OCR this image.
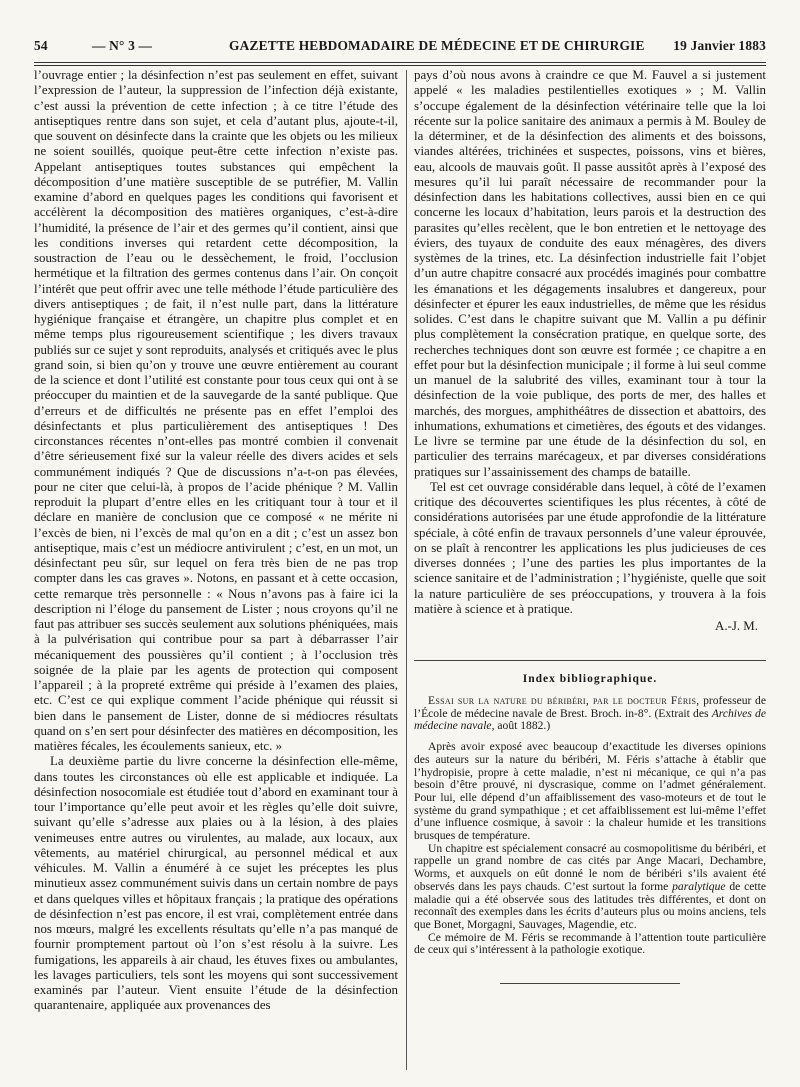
54	— N° 3 —	GAZETTE HEBDOMADAIRE DE MÉDECINE ET DE CHIRURGIE 19 Janvier 1883

l’ouvrage entier ; la désinfection n’est pas seulement en effet, suivant l’expression de l’auteur, la suppression de l’infection déjà existante, c’est aussi la prévention de cette infection ; à ce titre l’étude des antiseptiques rentre dans son sujet, et cela d’autant plus, ajoute-t-il, que souvent on désinfecte dans la crainte que les objets ou les milieux ne soient souillés, quoique peut-être cette infection n’existe pas. Appelant antiseptiques toutes substances qui empêchent la décomposition d’une matière susceptible de se putréfier, M. Vallin examine d’abord en quelques pages les conditions qui favorisent et accélèrent la décomposition des matières organiques, c’est-à-dire l’humidité, la présence de l’air et des germes qu’il contient, ainsi que les conditions inverses qui retardent cette décomposition, la soustraction de l’eau ou le dessèchement, le froid, l’occlusion hermétique et la filtration des germes contenus dans l’air. On conçoit l’intérêt que peut offrir avec une telle méthode l’étude particulière des divers antiseptiques ; de fait, il n’est nulle part, dans la littérature hygiénique française et étrangère, un chapitre plus complet et en même temps plus rigoureusement scientifique ; les divers travaux publiés sur ce sujet y sont reproduits, analysés et critiqués avec le plus grand soin, si bien qu’on y trouve une œuvre entièrement au courant de la science et dont l’utilité est constante pour tous ceux qui ont à se préoccuper du maintien et de la sauvegarde de la santé publique. Que d’erreurs et de difficultés ne présente pas en effet l’emploi des désinfectants et plus particulièrement des antiseptiques ! Des circonstances récentes n’ont-elles pas montré combien il convenait d’être sérieusement fixé sur la valeur réelle des divers acides et sels communément indiqués ? Que de discussions n’a-t-on pas élevées, pour ne citer que celui-là, à propos de l’acide phénique ? M. Vallin reproduit la plupart d’entre elles en les critiquant tour à tour et il déclare en manière de conclusion que ce composé « ne mérite ni l’excès de bien, ni l’excès de mal qu’on en a dit ; c’est un assez bon antiseptique, mais c’est un médiocre antivirulent ; c’est, en un mot, un désinfectant peu sûr, sur lequel on fera très bien de ne pas trop compter dans les cas graves ». Notons, en passant et à cette occasion, cette remarque très personnelle : « Nous n’avons pas à faire ici la description ni l’éloge du pansement de Lister ; nous croyons qu’il ne faut pas attribuer ses succès seulement aux solutions phéniquées, mais à la pulvérisation qui contribue pour sa part à débarrasser l’air mécaniquement des poussières qu’il contient ; à l’occlusion très soignée de la plaie par les agents de protection qui composent l’appareil ; à la propreté extrême qui préside à l’examen des plaies, etc. C’est ce qui explique comment l’acide phénique qui réussit si bien dans le pansement de Lister, donne de si médiocres résultats quand on s’en sert pour désinfecter des matières en décomposition, les matières fécales, les écoulements sanieux, etc. »

La deuxième partie du livre concerne la désinfection elle-même, dans toutes les circonstances où elle est applicable et indiquée. La désinfection nosocomiale est étudiée tout d’abord en examinant tour à tour l’importance qu’elle peut avoir et les règles qu’elle doit suivre, suivant qu’elle s’adresse aux plaies ou à la lésion, à des plaies venimeuses entre autres ou virulentes, au malade, aux locaux, aux vêtements, au matériel chirurgical, au personnel médical et aux véhicules. M. Vallin a énuméré à ce sujet les préceptes les plus minutieux assez communément suivis dans un certain nombre de pays et dans quelques villes et hôpitaux français ; la pratique des opérations de désinfection n’est pas encore, il est vrai, complètement entrée dans nos mœurs, malgré les excellents résultats qu’elle n’a pas manqué de fournir promptement partout où l’on s’est résolu à la suivre. Les fumigations, les appareils à air chaud, les étuves fixes ou ambulantes, les lavages particuliers, tels sont les moyens qui sont successivement examinés par l’auteur. Vient ensuite l’étude de la désinfection quarantenaire, appliquée aux provenances des

pays d’où nous avons à craindre ce que M. Fauvel a si justement appelé « les maladies pestilentielles exotiques » ; M. Vallin s’occupe également de la désinfection vétérinaire telle que la loi récente sur la police sanitaire des animaux a permis à M. Bouley de la déterminer, et de la désinfection des aliments et des boissons, viandes altérées, trichinées et suspectes, poissons, vins et bières, eau, alcools de mauvais goût. Il passe aussitôt après à l’exposé des mesures qu’il lui paraît nécessaire de recommander pour la désinfection dans les habitations collectives, aussi bien en ce qui concerne les locaux d’habitation, leurs parois et la destruction des parasites qu’elles recèlent, que le bon entretien et le nettoyage des éviers, des tuyaux de conduite des eaux ménagères, des divers systèmes de la trines, etc. La désinfection industrielle fait l’objet d’un autre chapitre consacré aux procédés imaginés pour combattre les émanations et les dégagements insalubres et dangereux, pour désinfecter et épurer les eaux industrielles, de même que les résidus solides. C’est dans le chapitre suivant que M. Vallin a pu définir plus complètement la consécration pratique, en quelque sorte, des recherches techniques dont son œuvre est formée ; ce chapitre a en effet pour but la désinfection municipale ; il forme à lui seul comme un manuel de la salubrité des villes, examinant tour à tour la désinfection de la voie publique, des ports de mer, des halles et marchés, des morgues, amphithéâtres de dissection et abattoirs, des inhumations, exhumations et cimetières, des égouts et des vidanges. Le livre se termine par une étude de la désinfection du sol, en particulier des terrains marécageux, et par diverses considérations pratiques sur l’assainissement des champs de bataille.

Tel est cet ouvrage considérable dans lequel, à côté de l’examen critique des découvertes scientifiques les plus récentes, à côté de considérations autorisées par une étude approfondie de la littérature spéciale, à côté enfin de travaux personnels d’une valeur éprouvée, on se plaît à rencontrer les applications les plus judicieuses de ces diverses données ; l’une des parties les plus importantes de la science sanitaire et de l’administration ; l’hygiéniste, quelle que soit la nature particulière de ses préoccupations, y trouvera à la fois matière à science et à pratique.

A.-J. M.

Index bibliographique.

Essai sur la nature du béribéri, par le docteur Féris, professeur de l’École de médecine navale de Brest. Broch. in-8°. (Extrait des Archives de médecine navale, août 1882.)

Après avoir exposé avec beaucoup d’exactitude les diverses opinions des auteurs sur la nature du béribéri, M. Féris s’attache à établir que l’hydropisie, propre à cette maladie, n’est ni mécanique, ce qui n’a pas besoin d’être prouvé, ni dyscrasique, comme on l’admet généralement. Pour lui, elle dépend d’un affaiblissement des vaso-moteurs et de tout le système du grand sympathique ; et cet affaiblissement est lui-même l’effet d’une influence cosmique, à savoir : la chaleur humide et les transitions brusques de température.

Un chapitre est spécialement consacré au cosmopolitisme du béribéri, et rappelle un grand nombre de cas cités par Ange Macari, Dechambre, Worms, et auxquels on eût donné le nom de béribéri s’ils avaient été observés dans les pays chauds. C’est surtout la forme paralytique de cette maladie qui a été observée sous des latitudes très différentes, et dont on reconnaît des exemples dans les écrits d’auteurs plus ou moins anciens, tels que Bonet, Morgagni, Sauvages, Magendie, etc.

Ce mémoire de M. Féris se recommande à l’attention toute particulière de ceux qui s’intéressent à la pathologie exotique.
